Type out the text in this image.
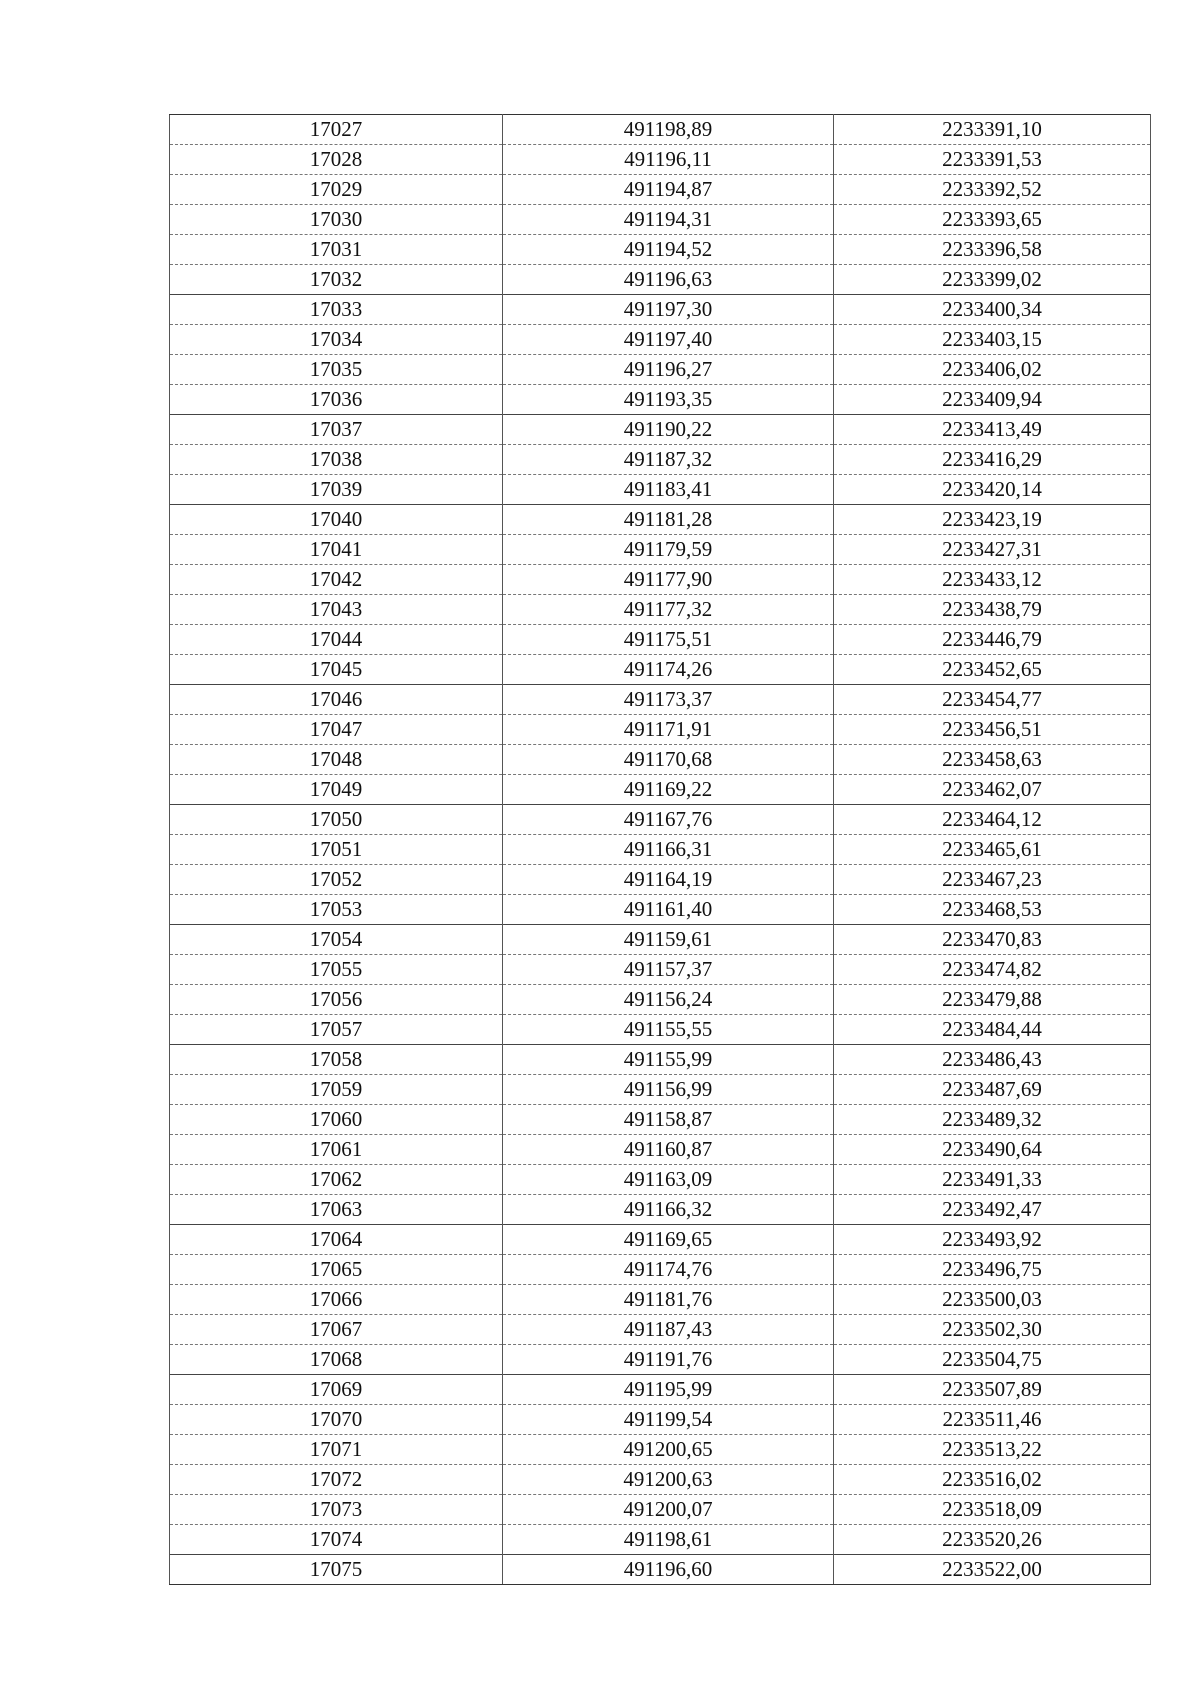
17027	491198,89	2233391,10
17028	491196,11	2233391,53
17029	491194,87	2233392,52
17030	491194,31	2233393,65
17031	491194,52	2233396,58
17032	491196,63	2233399,02
17033	491197,30	2233400,34
17034	491197,40	2233403,15
17035	491196,27	2233406,02
17036	491193,35	2233409,94
17037	491190,22	2233413,49
17038	491187,32	2233416,29
17039	491183,41	2233420,14
17040	491181,28	2233423,19
17041	491179,59	2233427,31
17042	491177,90	2233433,12
17043	491177,32	2233438,79
17044	491175,51	2233446,79
17045	491174,26	2233452,65
17046	491173,37	2233454,77
17047	491171,91	2233456,51
17048	491170,68	2233458,63
17049	491169,22	2233462,07
17050	491167,76	2233464,12
17051	491166,31	2233465,61
17052	491164,19	2233467,23
17053	491161,40	2233468,53
17054	491159,61	2233470,83
17055	491157,37	2233474,82
17056	491156,24	2233479,88
17057	491155,55	2233484,44
17058	491155,99	2233486,43
17059	491156,99	2233487,69
17060	491158,87	2233489,32
17061	491160,87	2233490,64
17062	491163,09	2233491,33
17063	491166,32	2233492,47
17064	491169,65	2233493,92
17065	491174,76	2233496,75
17066	491181,76	2233500,03
17067	491187,43	2233502,30
17068	491191,76	2233504,75
17069	491195,99	2233507,89
17070	491199,54	2233511,46
17071	491200,65	2233513,22
17072	491200,63	2233516,02
17073	491200,07	2233518,09
17074	491198,61	2233520,26
17075	491196,60	2233522,00
